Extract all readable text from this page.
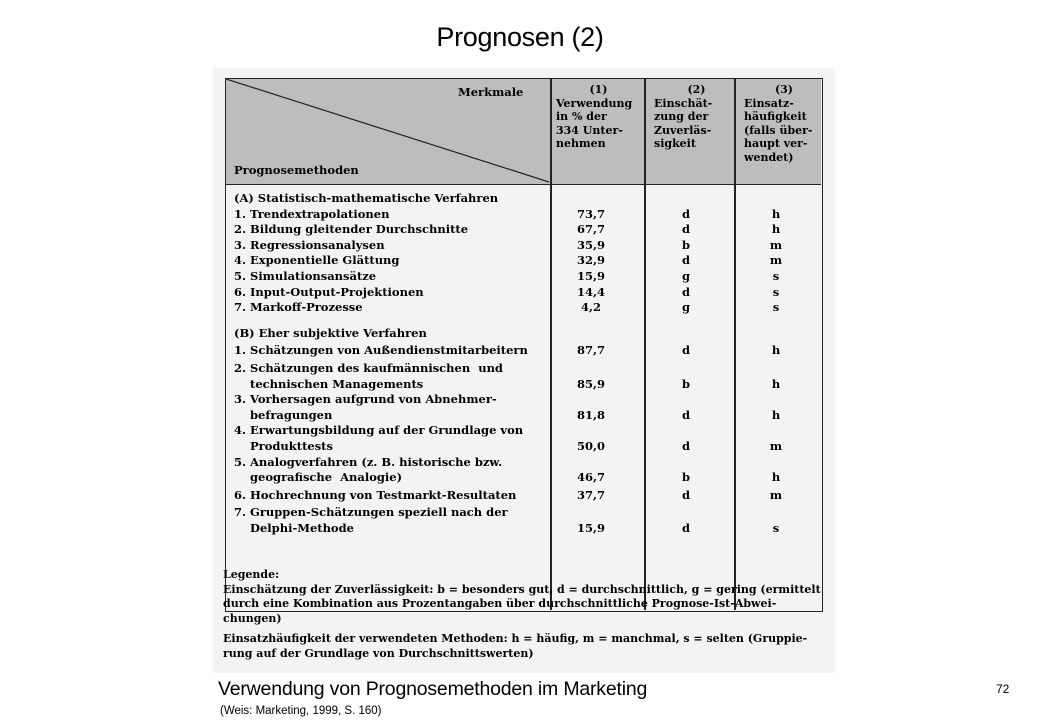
Prognosen (2)
Merkmale
Prognosemethoden
(1)
Verwendung
in % der
334 Unter-
nehmen
(2)
Einschät-
zung der
Zuverläs-
sigkeit
(3)
Einsatz-
häufigkeit
(falls über-
haupt ver-
wendet)
(A) Statistisch-mathematische Verfahren
1. Trendextrapolationen	73,7	d	h
2. Bildung gleitender Durchschnitte	67,7	d	h
3. Regressionsanalysen	35,9	b	m
4. Exponentielle Glättung	32,9	d	m
5. Simulationsansätze	15,9	g	s
6. Input-Output-Projektionen	14,4	d	s
7. Markoff-Prozesse	4,2	g	s
(B) Eher subjektive Verfahren
1. Schätzungen von Außendienstmitarbeitern	87,7	d	h
2. Schätzungen des kaufmännischen  und
technischen Managements	85,9	b	h
3. Vorhersagen aufgrund von Abnehmer-
befragungen	81,8	d	h
4. Erwartungsbildung auf der Grundlage von
Produkttests	50,0	d	m
5. Analogverfahren (z. B. historische bzw.
geografische  Analogie)	46,7	b	h
6. Hochrechnung von Testmarkt-Resultaten	37,7	d	m
7. Gruppen-Schätzungen speziell nach der
Delphi-Methode	15,9	d	s
Legende:

Einschätzung der Zuverlässigkeit: b = besonders gut, d = durchschnittlich, g = gering (ermittelt
durch eine Kombination aus Prozentangaben über durchschnittliche Prognose-Ist-Abwei-
chungen)

Einsatzhäufigkeit der verwendeten Methoden: h = häufig, m = manchmal, s = selten (Gruppie-
rung auf der Grundlage von Durchschnittswerten)

Verwendung von Prognosemethoden im Marketing
(Weis: Marketing, 1999, S. 160)
72
